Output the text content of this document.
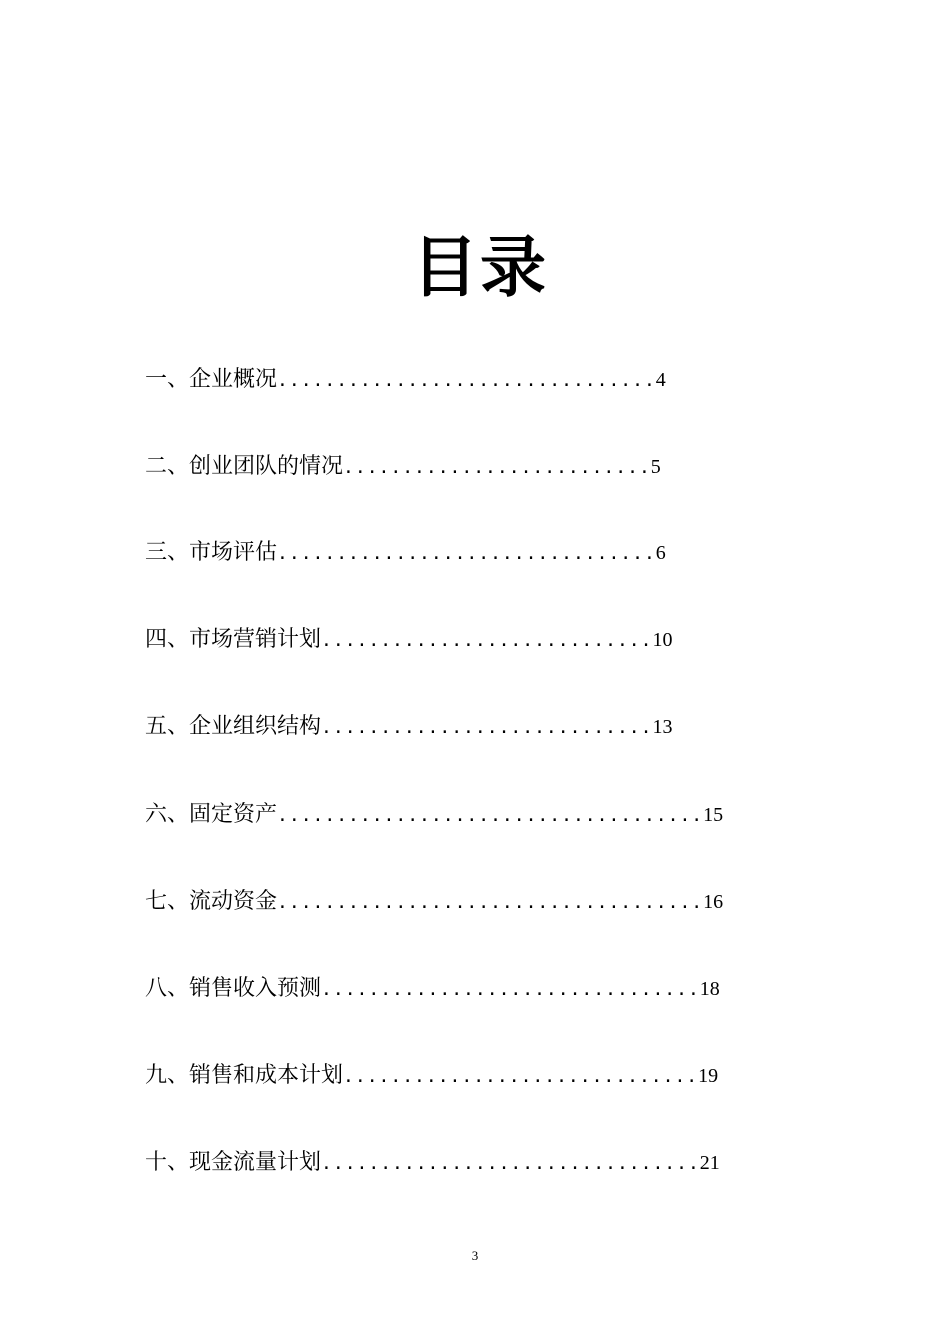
目录
一、企业概况................................4
二、创业团队的情况..........................5
三、市场评估................................6
四、市场营销计划............................10
五、企业组织结构............................13
六、固定资产....................................15
七、流动资金....................................16
八、销售收入预测................................18
九、销售和成本计划..............................19
十、现金流量计划................................21
3
